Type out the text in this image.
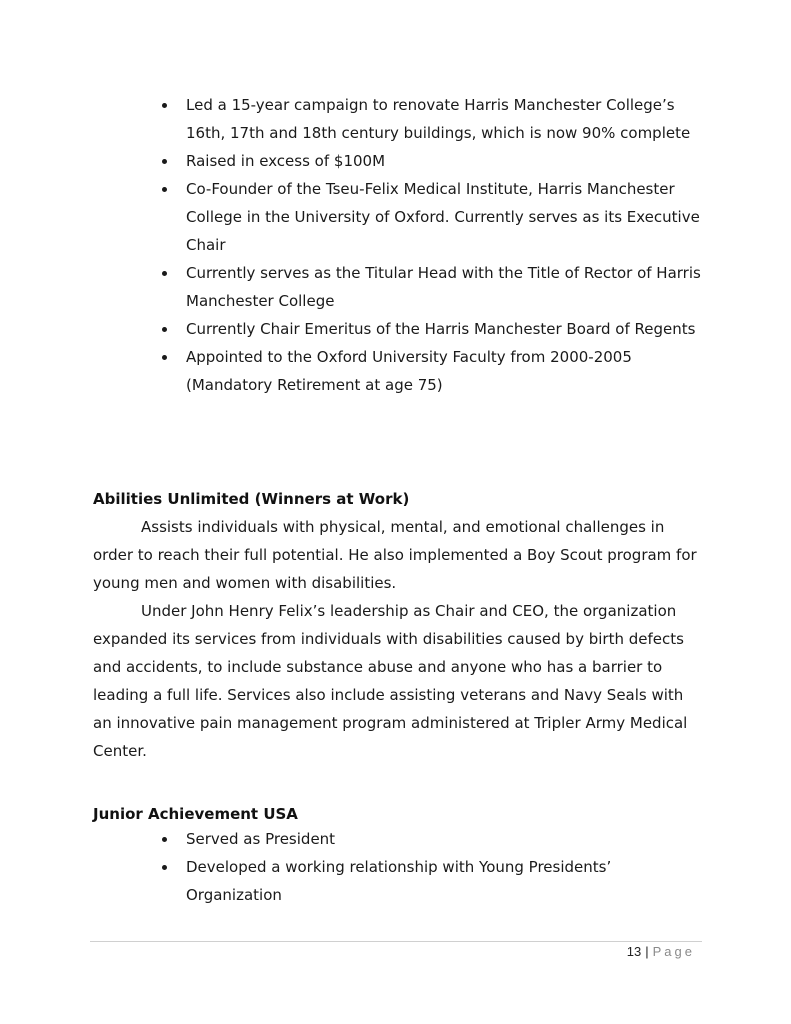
Led a 15-year campaign to renovate Harris Manchester College’s 16th, 17th and 18th century buildings, which is now 90% complete
Raised in excess of $100M
Co-Founder of the Tseu-Felix Medical Institute, Harris Manchester College in the University of Oxford. Currently serves as its Executive Chair
Currently serves as the Titular Head with the Title of Rector of Harris Manchester College
Currently Chair Emeritus of the Harris Manchester Board of Regents
Appointed to the Oxford University Faculty from 2000-2005 (Mandatory Retirement at age 75)
Abilities Unlimited (Winners at Work)

Assists individuals with physical, mental, and emotional challenges in order to reach their full potential. He also implemented a Boy Scout program for young men and women with disabilities.

Under John Henry Felix’s leadership as Chair and CEO, the organization expanded its services from individuals with disabilities caused by birth defects and accidents, to include substance abuse and anyone who has a barrier to leading a full life. Services also include assisting veterans and Navy Seals with an innovative pain management program administered at Tripler Army Medical Center.

Junior Achievement USA
Served as President
Developed a working relationship with Young Presidents’ Organization
13 | Page
